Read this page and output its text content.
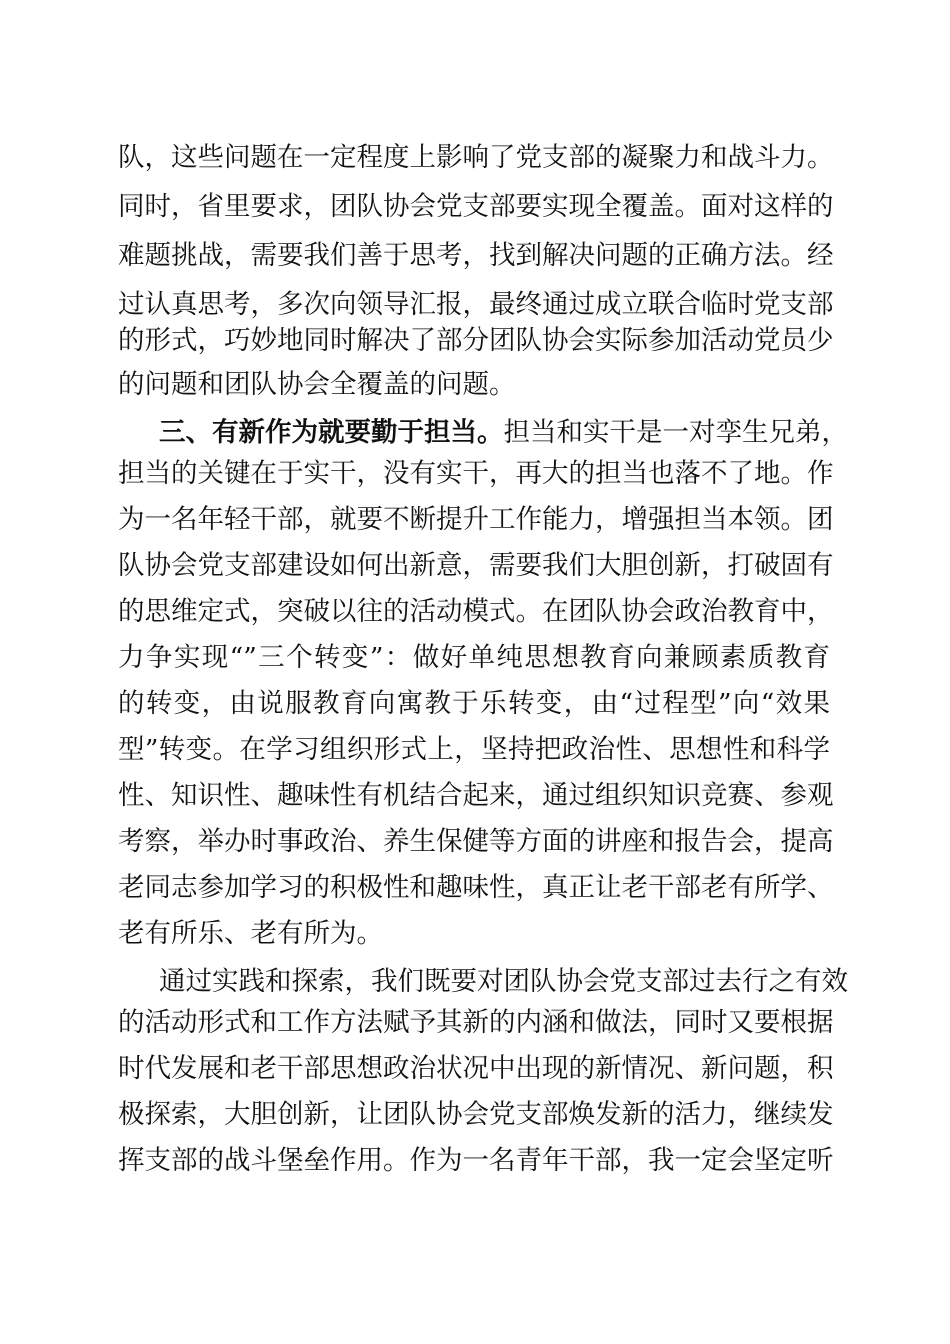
队，这些问题在一定程度上影响了党支部的凝聚力和战斗力。
同时，省里要求，团队协会党支部要实现全覆盖。面对这样的
难题挑战，需要我们善于思考，找到解决问题的正确方法。经
过认真思考，多次向领导汇报，最终通过成立联合临时党支部
的形式，巧妙地同时解决了部分团队协会实际参加活动党员少
的问题和团队协会全覆盖的问题。
三、有新作为就要勤于担当。担当和实干是一对孪生兄弟，
担当的关键在于实干，没有实干，再大的担当也落不了地。作
为一名年轻干部，就要不断提升工作能力，增强担当本领。团
队协会党支部建设如何出新意，需要我们大胆创新，打破固有
的思维定式，突破以往的活动模式。在团队协会政治教育中，
力争实现“”三个转变”：做好单纯思想教育向兼顾素质教育
的转变，由说服教育向寓教于乐转变，由“过程型”向“效果
型”转变。在学习组织形式上，坚持把政治性、思想性和科学
性、知识性、趣味性有机结合起来，通过组织知识竞赛、参观
考察，举办时事政治、养生保健等方面的讲座和报告会，提高
老同志参加学习的积极性和趣味性，真正让老干部老有所学、
老有所乐、老有所为。
通过实践和探索，我们既要对团队协会党支部过去行之有效
的活动形式和工作方法赋予其新的内涵和做法，同时又要根据
时代发展和老干部思想政治状况中出现的新情况、新问题，积
极探索，大胆创新，让团队协会党支部焕发新的活力，继续发
挥支部的战斗堡垒作用。作为一名青年干部，我一定会坚定听
